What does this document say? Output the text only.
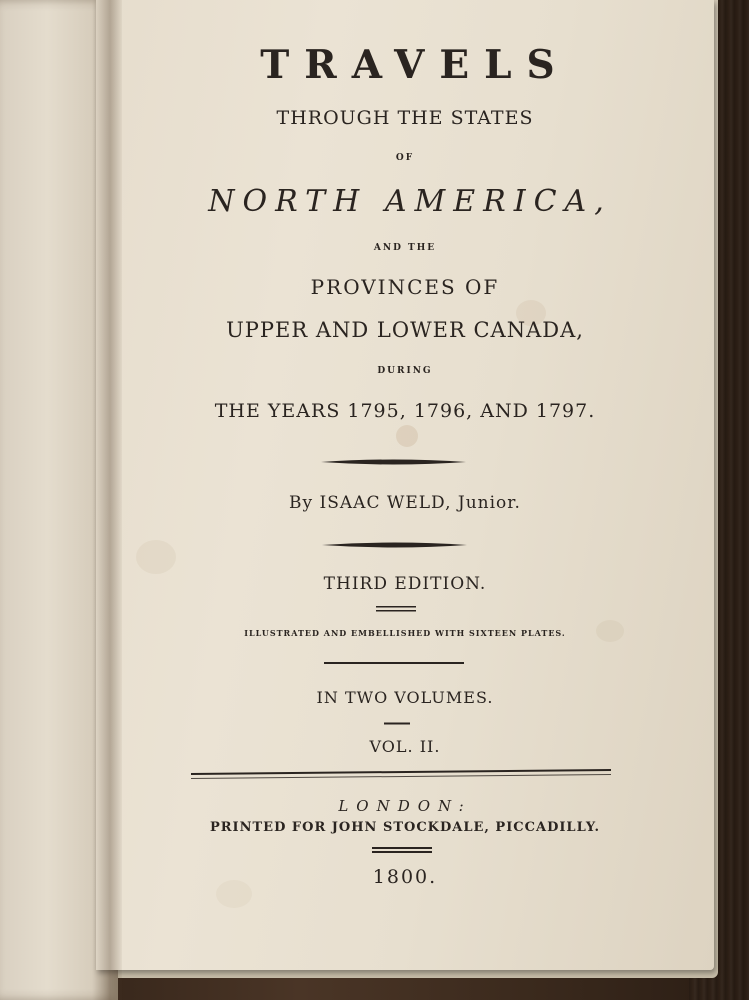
TRAVELS
THROUGH THE STATES
OF
NORTH AMERICA,
AND THE
PROVINCES OF
UPPER AND LOWER CANADA,
DURING
THE YEARS 1795, 1796, AND 1797.
By ISAAC WELD, Junior.
THIRD EDITION.
ILLUSTRATED AND EMBELLISHED WITH SIXTEEN PLATES.
IN TWO VOLUMES.
VOL. II.
LONDON:
PRINTED FOR JOHN STOCKDALE, PICCADILLY.
1800.
